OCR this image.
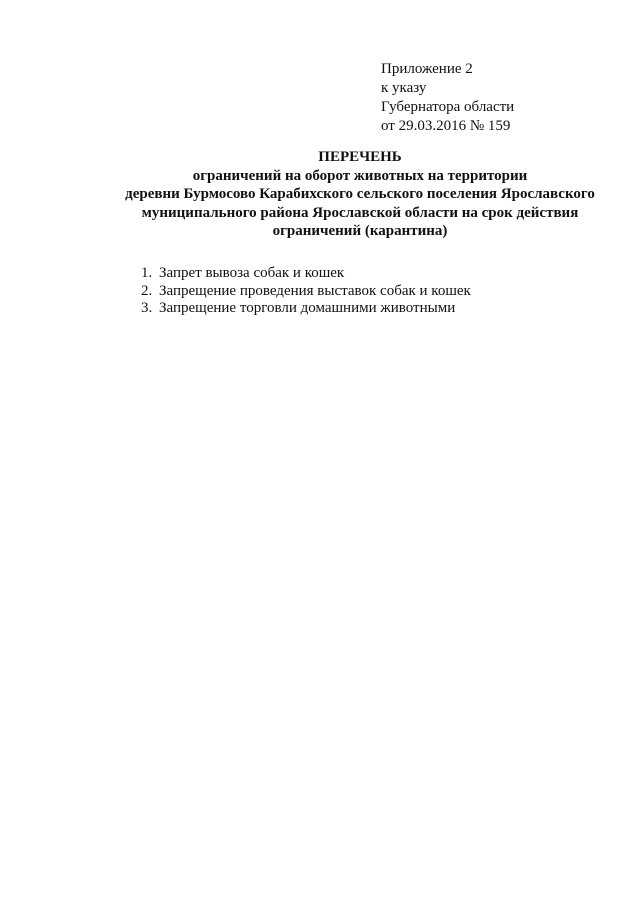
Приложение 2
к указу
Губернатора области
от 29.03.2016 № 159
ПЕРЕЧЕНЬ
ограничений на оборот животных на территории
деревни Бурмосово Карабихского сельского поселения Ярославского
муниципального района Ярославской области на срок действия
ограничений (карантина)
1. Запрет вывоза собак и кошек
2. Запрещение проведения выставок собак и кошек
3. Запрещение торговли домашними животными
